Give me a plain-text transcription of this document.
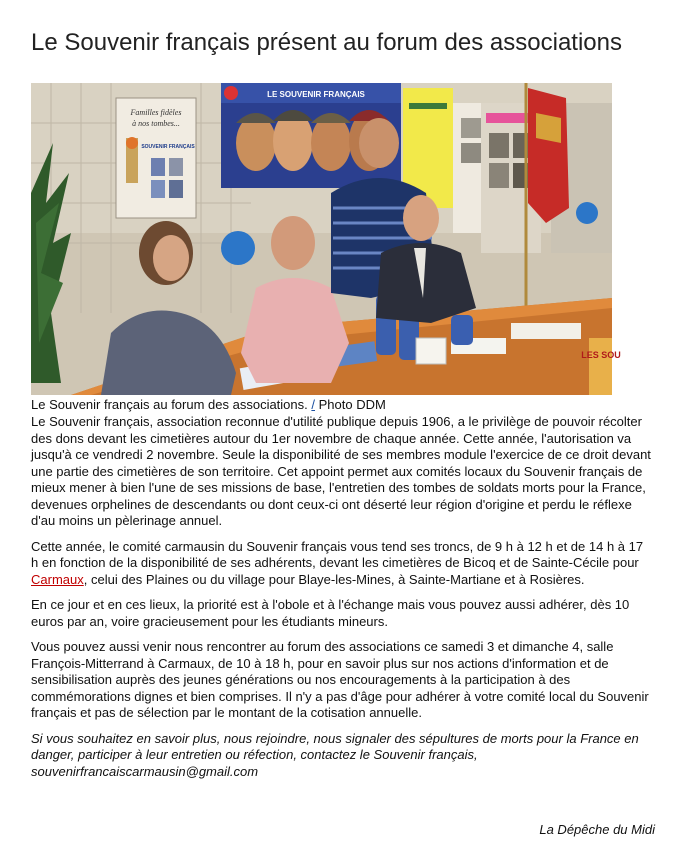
Le Souvenir français présent au forum des associations
Familles fidèles
à nos tombes...
SOUVENIR FRANÇAIS
LE SOUVENIR FRANÇAIS
LES SOU
Le Souvenir français au forum des associations. / Photo DDM

Le Souvenir français, association reconnue d'utilité publique depuis 1906, a le privilège de pouvoir récolter des dons devant les cimetières autour du 1er novembre de chaque année. Cette année, l'autorisation va jusqu'à ce vendredi 2 novembre. Seule la disponibilité de ses membres module l'exercice de ce droit devant une partie des cimetières de son territoire. Cet appoint permet aux comités locaux du Souvenir français de mieux mener à bien l'une de ses missions de base, l'entretien des tombes de soldats morts pour la France, devenues orphelines de descendants ou dont ceux-ci ont déserté leur région d'origine et perdu le réflexe d'au moins un pèlerinage annuel.

Cette année, le comité carmausin du Souvenir français vous tend ses troncs, de 9 h à 12 h et de 14 h à 17 h en fonction de la disponibilité de ses adhérents, devant les cimetières de Bicoq et de Sainte-Cécile pour Carmaux, celui des Plaines ou du village pour Blaye-les-Mines, à Sainte-Martiane et à Rosières.

En ce jour et en ces lieux, la priorité est à l'obole et à l'échange mais vous pouvez aussi adhérer, dès 10 euros par an, voire gracieusement pour les étudiants mineurs.

Vous pouvez aussi venir nous rencontrer au forum des associations ce samedi 3 et dimanche 4, salle François-Mitterrand à Carmaux, de 10 à 18 h, pour en savoir plus sur nos actions d'information et de sensibilisation auprès des jeunes générations ou nos encouragements à la participation à des commémorations dignes et bien comprises. Il n'y a pas d'âge pour adhérer à votre comité local du Souvenir français et pas de sélection par le montant de la cotisation annuelle.

Si vous souhaitez en savoir plus, nous rejoindre, nous signaler des sépultures de morts pour la France en danger, participer à leur entretien ou réfection, contactez le Souvenir français, souvenirfrancaiscarmausin@gmail.com

La Dépêche du Midi
